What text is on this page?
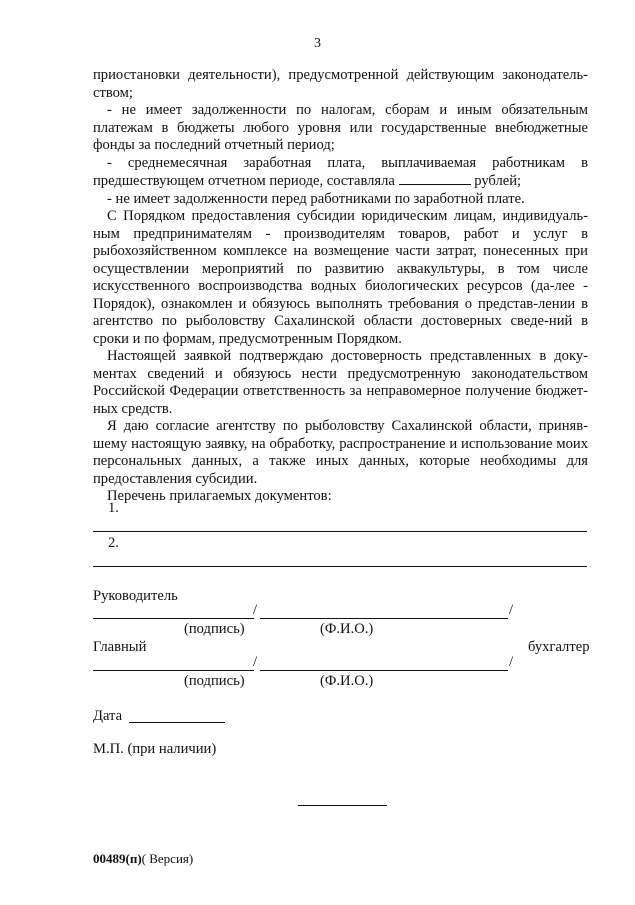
3

приостановки деятельности), предусмотренной действующим законодатель-ством;

- не имеет задолженности по налогам, сборам и иным обязательным платежам в бюджеты любого уровня или государственные внебюджетные фонды за последний отчетный период;

- среднемесячная заработная плата, выплачиваемая работникам в предшествующем отчетном периоде, составляла	рублей;

- не имеет задолженности перед работниками по заработной плате.

С Порядком предоставления субсидии юридическим лицам, индивидуаль-ным предпринимателям - производителям товаров, работ и услуг в рыбохозяйственном комплексе на возмещение части затрат, понесенных при осуществлении мероприятий по развитию аквакультуры, в том числе искусственного воспроизводства водных биологических ресурсов (да-лее - Порядок), ознакомлен и обязуюсь выполнять требования о представ-лении в агентство по рыболовству Сахалинской области достоверных сведе-ний в сроки и по формам, предусмотренным Порядком.

Настоящей заявкой подтверждаю достоверность представленных в доку-ментах сведений и обязуюсь нести предусмотренную законодательством Российской Федерации ответственность за неправомерное получение бюджет-ных средств.

Я даю согласие агентству по рыболовству Сахалинской области, приняв-шему настоящую заявку, на обработку, распространение и использование моих персональных данных, а также иных данных, которые необходимы для предоставления субсидии.

Перечень прилагаемых документов:

1.
2.
Руководитель
/	/
(подпись)	(Ф.И.О.)
Главный	бухгалтер
/	/
(подпись)	(Ф.И.О.)
Дата
М.П. (при наличии)
00489(п)( Версия)
